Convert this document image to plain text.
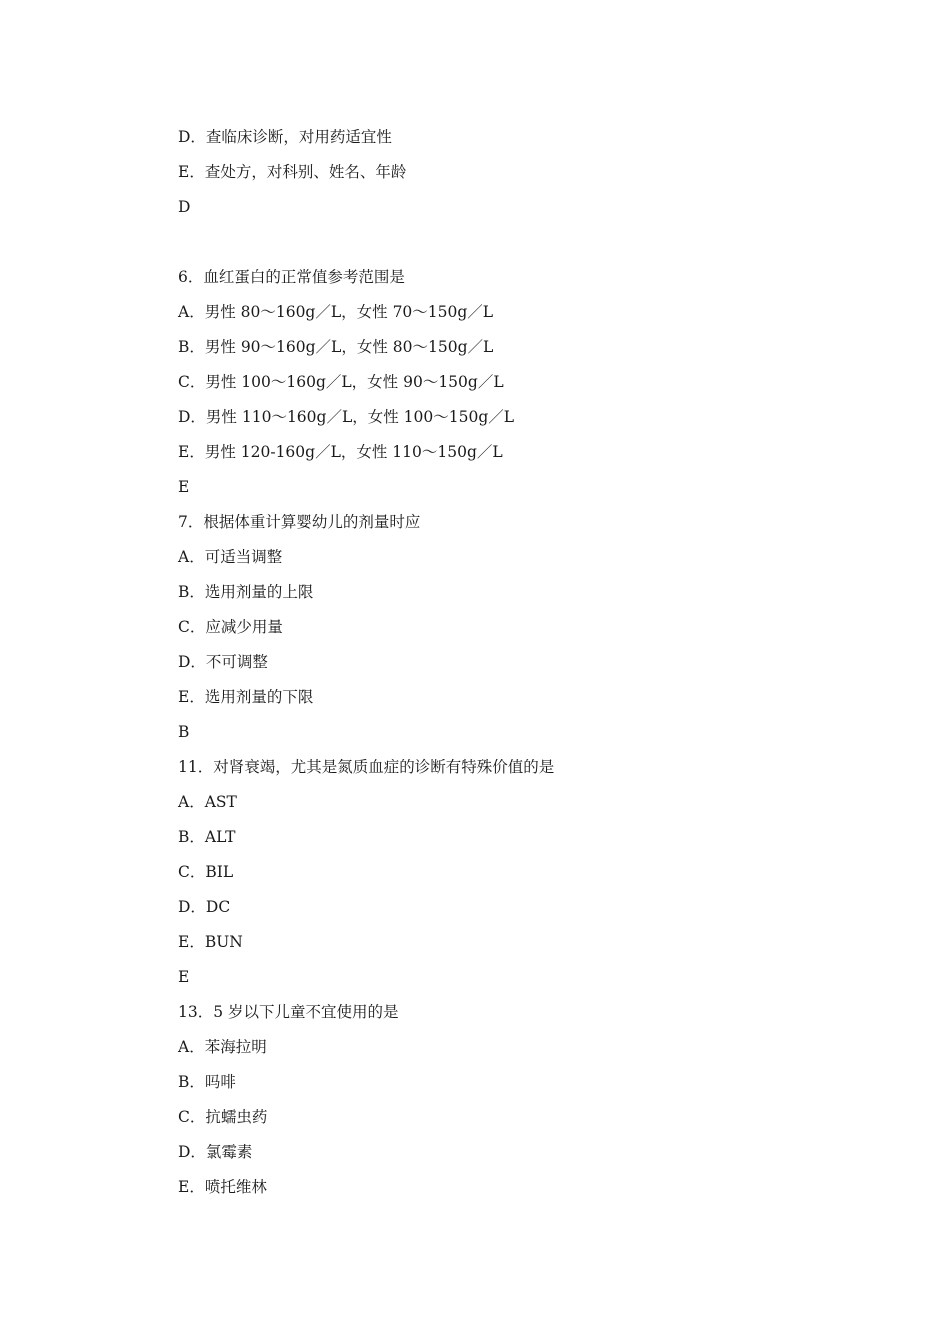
D．查临床诊断，对用药适宜性
E．查处方，对科别、姓名、年龄
D
6．血红蛋白的正常值参考范围是
A．男性 80～160g／L，女性 70～150g／L
B．男性 90～160g／L，女性 80～150g／L
C．男性 100～160g／L，女性 90～150g／L
D．男性 110～160g／L，女性 100～150g／L
E．男性 120-160g／L，女性 110～150g／L
E
7．根据体重计算婴幼儿的剂量时应
A．可适当调整
B．选用剂量的上限
C．应减少用量
D．不可调整
E．选用剂量的下限
B
11．对肾衰竭，尤其是氮质血症的诊断有特殊价值的是
A．AST
B．ALT
C．BIL
D．DC
E．BUN
E
13．5 岁以下儿童不宜使用的是
A．苯海拉明
B．吗啡
C．抗蠕虫药
D．氯霉素
E．喷托维林
